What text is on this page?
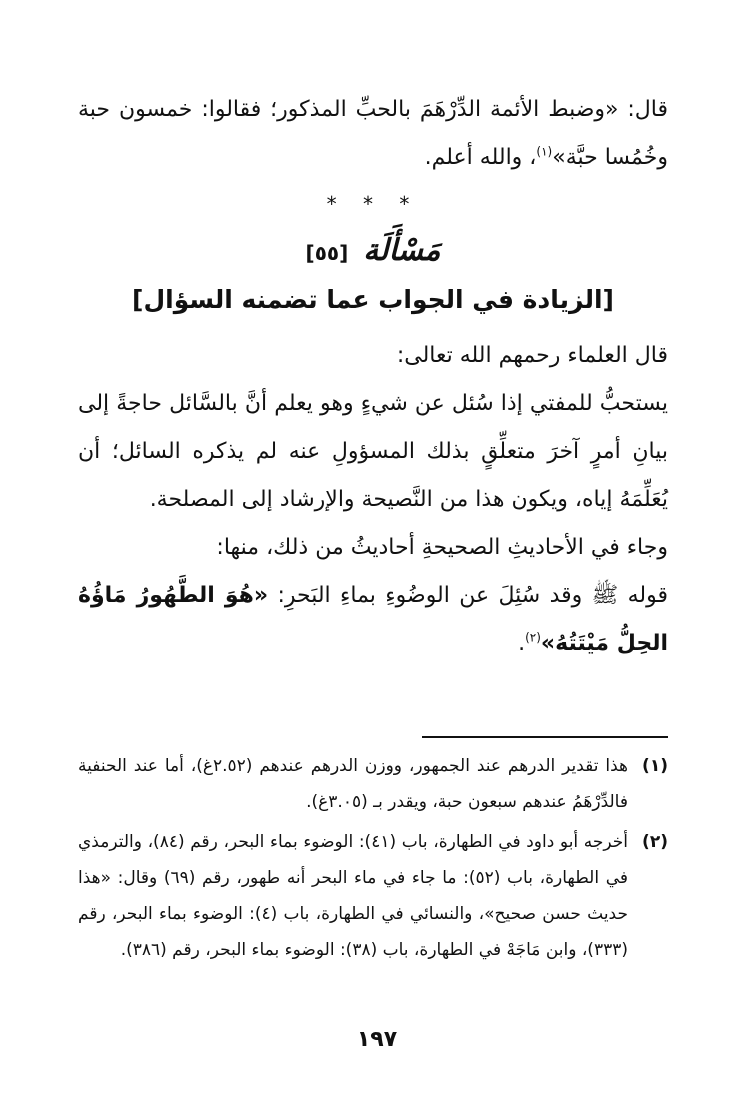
قال: «وضبط الأئمة الدِّرْهَمَ بالحبِّ المذكور؛ فقالوا: خمسون حبة وخُمُسا حبَّة»$^{(١)}$، والله أعلم.

* * *
مَسْأَلَة [٥٥]
[الزيادة في الجواب عما تضمنه السؤال]

قال العلماء رحمهم الله تعالى:

يستحبُّ للمفتي إذا سُئل عن شيءٍ وهو يعلم أنَّ بالسَّائل حاجةً إلى بيانِ أمرٍ آخرَ متعلِّقٍ بذلك المسؤولِ عنه لم يذكره السائل؛ أن يُعَلِّمَهُ إياه، ويكون هذا من النَّصيحة والإرشاد إلى المصلحة.

وجاء في الأحاديثِ الصحيحةِ أحاديثُ من ذلك، منها:

قوله ﷺ وقد سُئِلَ عن الوضُوءِ بماءِ البَحرِ: «هُوَ الطَّهُورُ مَاؤُهُ الحِلُّ مَيْتَتُهُ»$^{(٢)}$.

(١)
هذا تقدير الدرهم عند الجمهور، ووزن الدرهم عندهم (٢.٥٢غ)، أما عند الحنفية فالدِّرْهَمُ عندهم سبعون حبة، ويقدر بـ (٣.٠٥غ).
(٢)
أخرجه أبو داود في الطهارة، باب (٤١): الوضوء بماء البحر، رقم (٨٤)، والترمذي في الطهارة، باب (٥٢): ما جاء في ماء البحر أنه طهور، رقم (٦٩) وقال: «هذا حديث حسن صحيح»، والنسائي في الطهارة، باب (٤): الوضوء بماء البحر، رقم (٣٣٣)، وابن مَاجَهْ في الطهارة، باب (٣٨): الوضوء بماء البحر، رقم (٣٨٦).
١٩٧
